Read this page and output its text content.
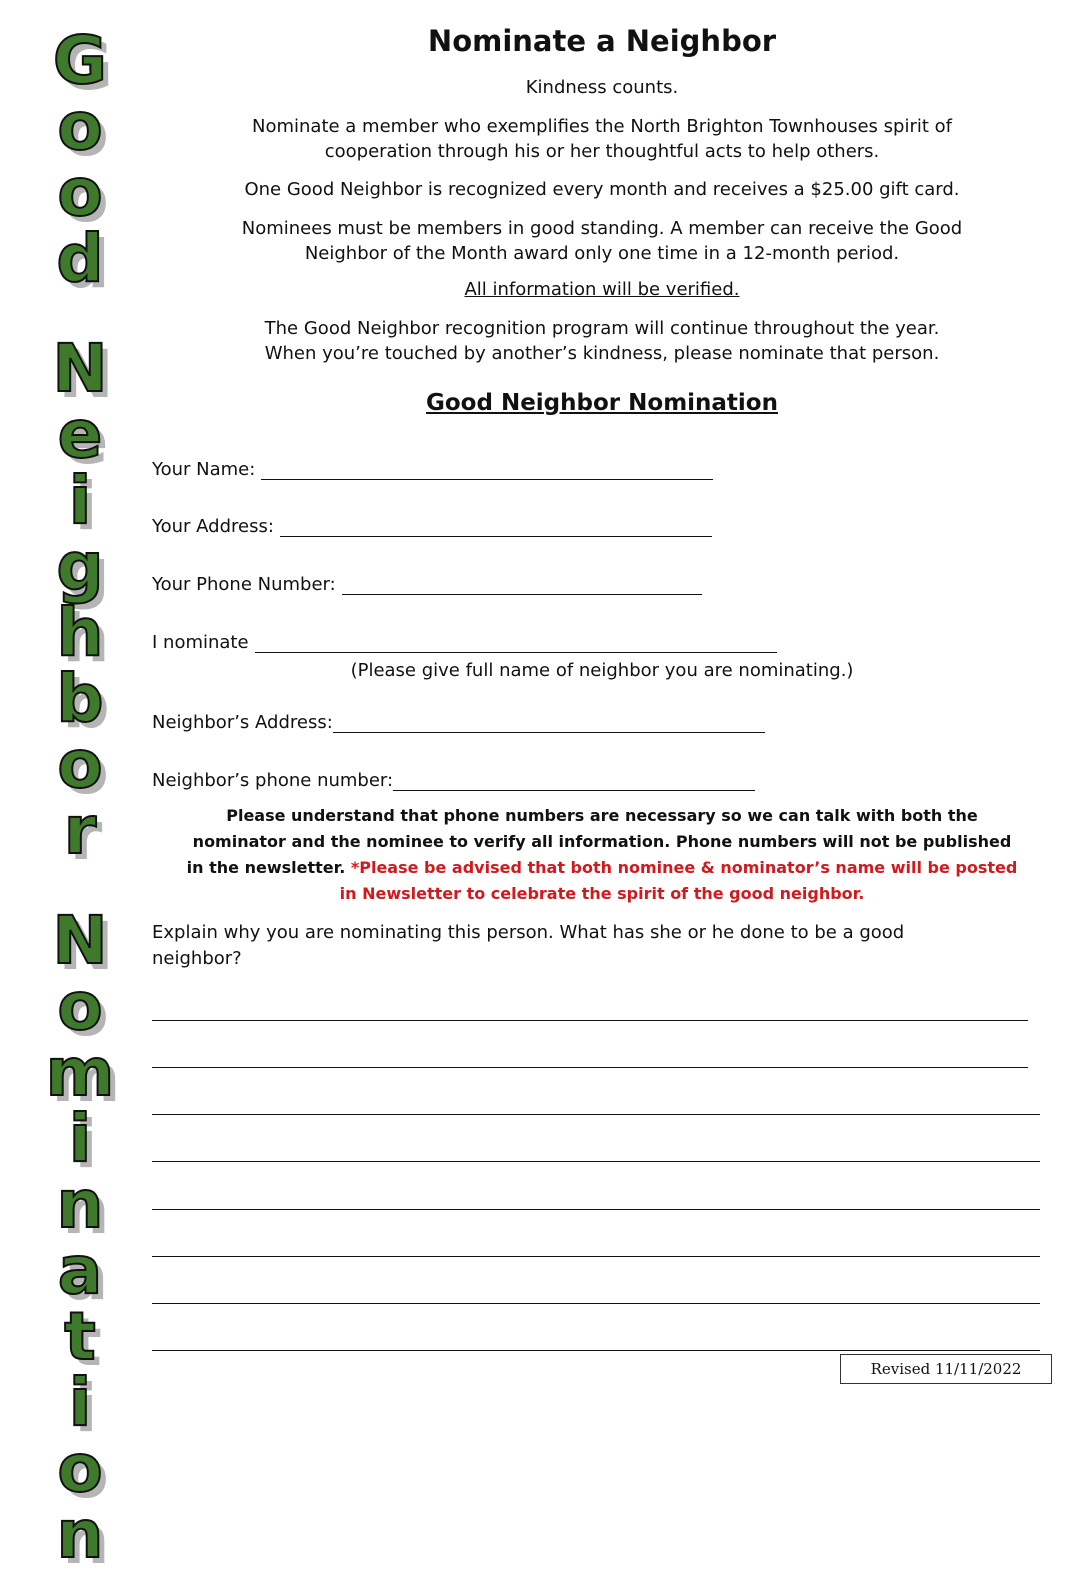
G
o
o
d
N
e
i
g
h
b
o
r
N
o
m
i
n
a
t
i
o
n
Nominate a Neighbor
Kindness counts.
Nominate a member who exemplifies the North Brighton Townhouses spirit of
cooperation through his or her thoughtful acts to help others.
One Good Neighbor is recognized every month and receives a $25.00 gift card.
Nominees must be members in good standing. A member can receive the Good
Neighbor of the Month award only one time in a 12-month period.
All information will be verified.
The Good Neighbor recognition program will continue throughout the year.
When you’re touched by another’s kindness, please nominate that person.
Good Neighbor Nomination
Your Name:
Your Address:
Your Phone Number:
I nominate
(Please give full name of neighbor you are nominating.)
Neighbor’s Address:
Neighbor’s phone number:
Please understand that phone numbers are necessary so we can talk with both the nominator and the nominee to verify all information. Phone numbers will not be published in the newsletter. *Please be advised that both nominee & nominator’s name will be posted in Newsletter to celebrate the spirit of the good neighbor.
Explain why you are nominating this person. What has she or he done to be a good
neighbor?
Revised 11/11/2022
